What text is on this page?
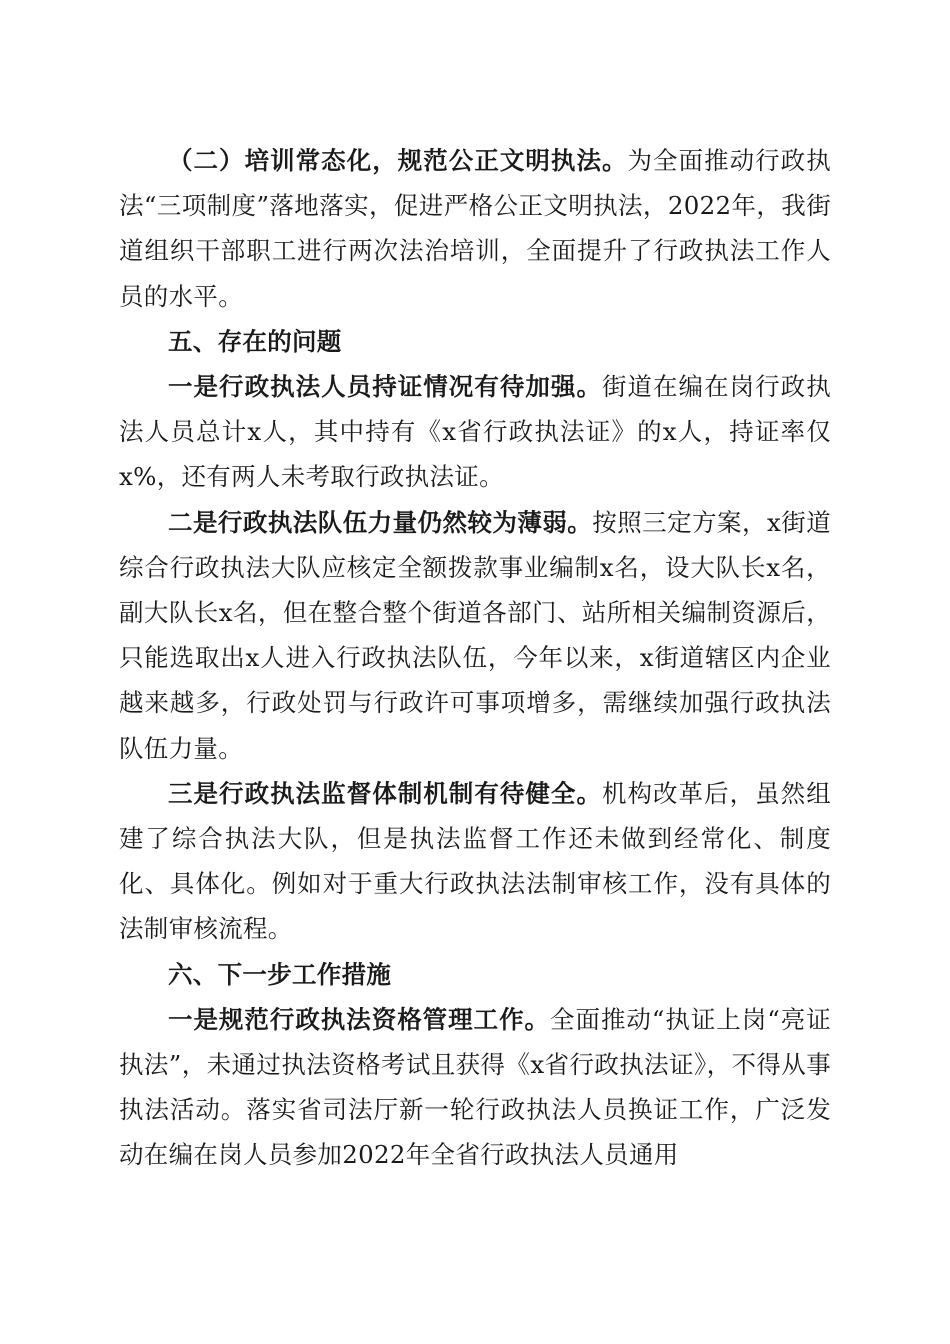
（二）培训常态化，规范公正文明执法。为全面推动行政执法“三项制度”落地落实，促进严格公正文明执法，2022年，我街道组织干部职工进行两次法治培训，全面提升了行政执法工作人员的水平。

五、存在的问题

一是行政执法人员持证情况有待加强。街道在编在岗行政执法人员总计x人，其中持有《x省行政执法证》的x人，持证率仅x%，还有两人未考取行政执法证。

二是行政执法队伍力量仍然较为薄弱。按照三定方案，x街道综合行政执法大队应核定全额拨款事业编制x名，设大队长x名，副大队长x名，但在整合整个街道各部门、站所相关编制资源后，只能选取出x人进入行政执法队伍，今年以来，x街道辖区内企业越来越多，行政处罚与行政许可事项增多，需继续加强行政执法队伍力量。

三是行政执法监督体制机制有待健全。机构改革后，虽然组建了综合执法大队，但是执法监督工作还未做到经常化、制度化、具体化。例如对于重大行政执法法制审核工作，没有具体的法制审核流程。

六、下一步工作措施

一是规范行政执法资格管理工作。全面推动“执证上岗“亮证执法”，未通过执法资格考试且获得《x省行政执法证》，不得从事执法活动。落实省司法厅新一轮行政执法人员换证工作，广泛发动在编在岗人员参加2022年全省行政执法人员通用
